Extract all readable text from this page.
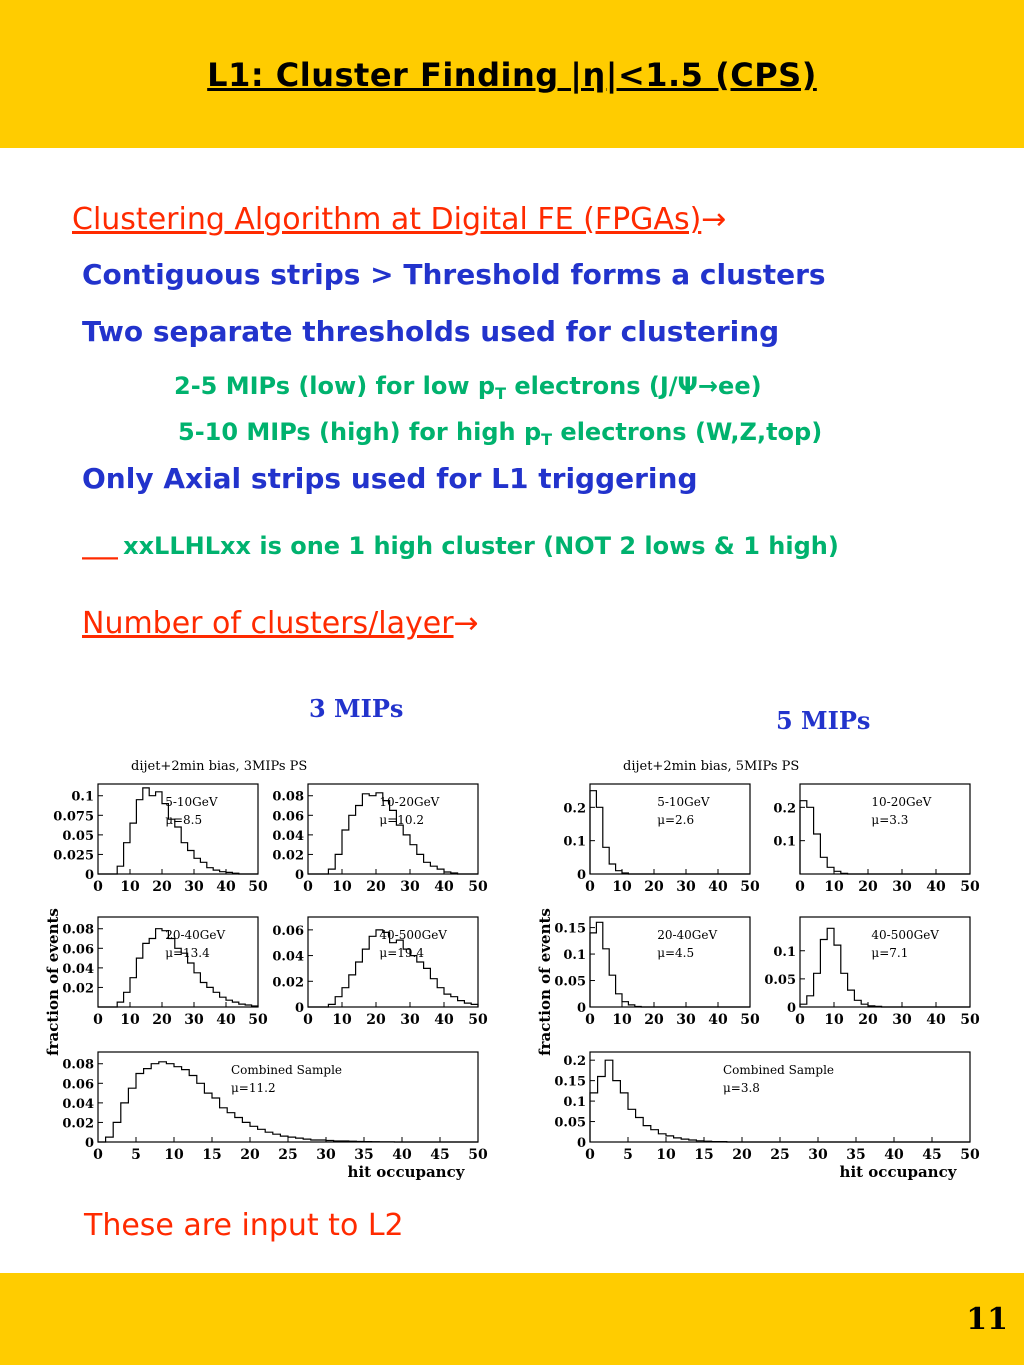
L1: Cluster Finding |η|<1.5 (CPS)
Clustering Algorithm at Digital FE (FPGAs)→
Contiguous strips > Threshold forms a clusters
Two separate thresholds used for clustering
2-5 MIPs (low) for low $p_T$ electrons (J/Ψ→ee)
5-10 MIPs (high) for high $p_T$ electrons (W,Z,top)
Only Axial strips used for L1 triggering
___ xxLLHLxx is one 1 high cluster (NOT 2 lows & 1 high)
Number of clusters/layer→
3 MIPs	5 MIPs
dijet+2min bias, 3MIPs PS
0
0.025
0.05
0.075
0.1
0 10 20 30 40 50
5-10GeV
μ=8.5
0
0.02
0.04
0.06
0.08
0 10 20 30 40 50
10-20GeV
μ=10.2
0.02
0.04
0.06
0.08
0 10 20 30 40 50
20-40GeV
μ=13.4
0
0.02
0.04
0.06
0 10 20 30 40 50
40-500GeV
μ=19.4
0
0.02
0.04
0.06
0.08
0 5 10 15 20 25 30 35 40 45 50
Combined Sample
μ=11.2
fraction of events
hit occupancy
dijet+2min bias, 5MIPs PS
0
0.1
0.2
0 10 20 30 40 50
5-10GeV
μ=2.6
0.1
0.2
0 10 20 30 40 50
10-20GeV
μ=3.3
0
0.05
0.1
0.15
0 10 20 30 40 50
20-40GeV
μ=4.5
0
0.05
0.1
0 10 20 30 40 50
40-500GeV
μ=7.1
0
0.05
0.1
0.15
0.2
0 5 10 15 20 25 30 35 40 45 50
Combined Sample
μ=3.8
fraction of events
hit occupancy
These are input to L2
11
